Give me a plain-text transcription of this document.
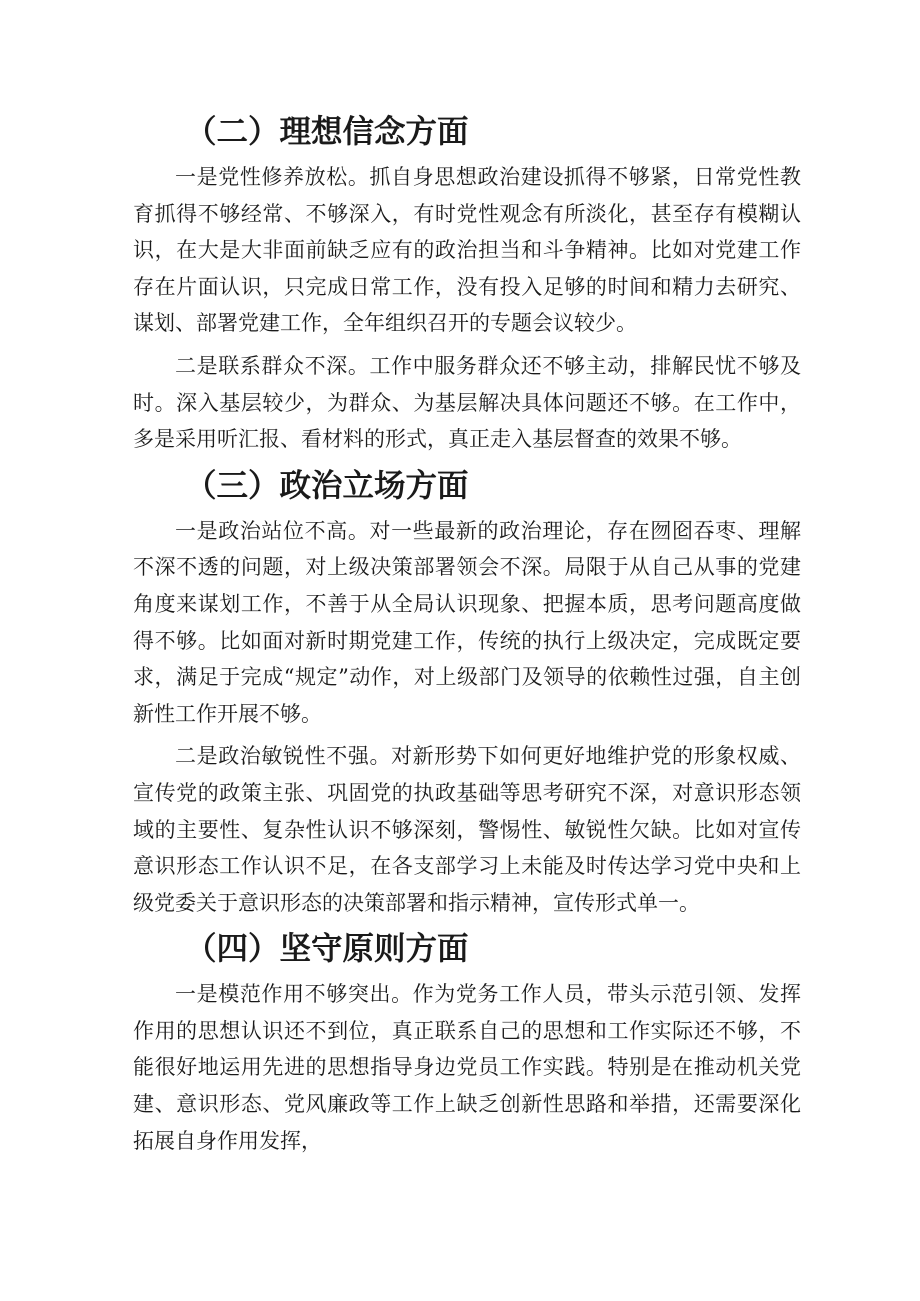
（二）理想信念方面

一是党性修养放松。抓自身思想政治建设抓得不够紧，日常党性教育抓得不够经常、不够深入，有时党性观念有所淡化，甚至存有模糊认识，在大是大非面前缺乏应有的政治担当和斗争精神。比如对党建工作存在片面认识，只完成日常工作，没有投入足够的时间和精力去研究、谋划、部署党建工作，全年组织召开的专题会议较少。

二是联系群众不深。工作中服务群众还不够主动，排解民忧不够及时。深入基层较少，为群众、为基层解决具体问题还不够。在工作中，多是采用听汇报、看材料的形式，真正走入基层督查的效果不够。

（三）政治立场方面

一是政治站位不高。对一些最新的政治理论，存在囫囵吞枣、理解不深不透的问题，对上级决策部署领会不深。局限于从自己从事的党建角度来谋划工作，不善于从全局认识现象、把握本质，思考问题高度做得不够。比如面对新时期党建工作，传统的执行上级决定，完成既定要求，满足于完成“规定”动作，对上级部门及领导的依赖性过强，自主创新性工作开展不够。

二是政治敏锐性不强。对新形势下如何更好地维护党的形象权威、宣传党的政策主张、巩固党的执政基础等思考研究不深，对意识形态领域的主要性、复杂性认识不够深刻，警惕性、敏锐性欠缺。比如对宣传意识形态工作认识不足，在各支部学习上未能及时传达学习党中央和上级党委关于意识形态的决策部署和指示精神，宣传形式单一。

（四）坚守原则方面

一是模范作用不够突出。作为党务工作人员，带头示范引领、发挥作用的思想认识还不到位，真正联系自己的思想和工作实际还不够，不能很好地运用先进的思想指导身边党员工作实践。特别是在推动机关党建、意识形态、党风廉政等工作上缺乏创新性思路和举措，还需要深化拓展自身作用发挥，
